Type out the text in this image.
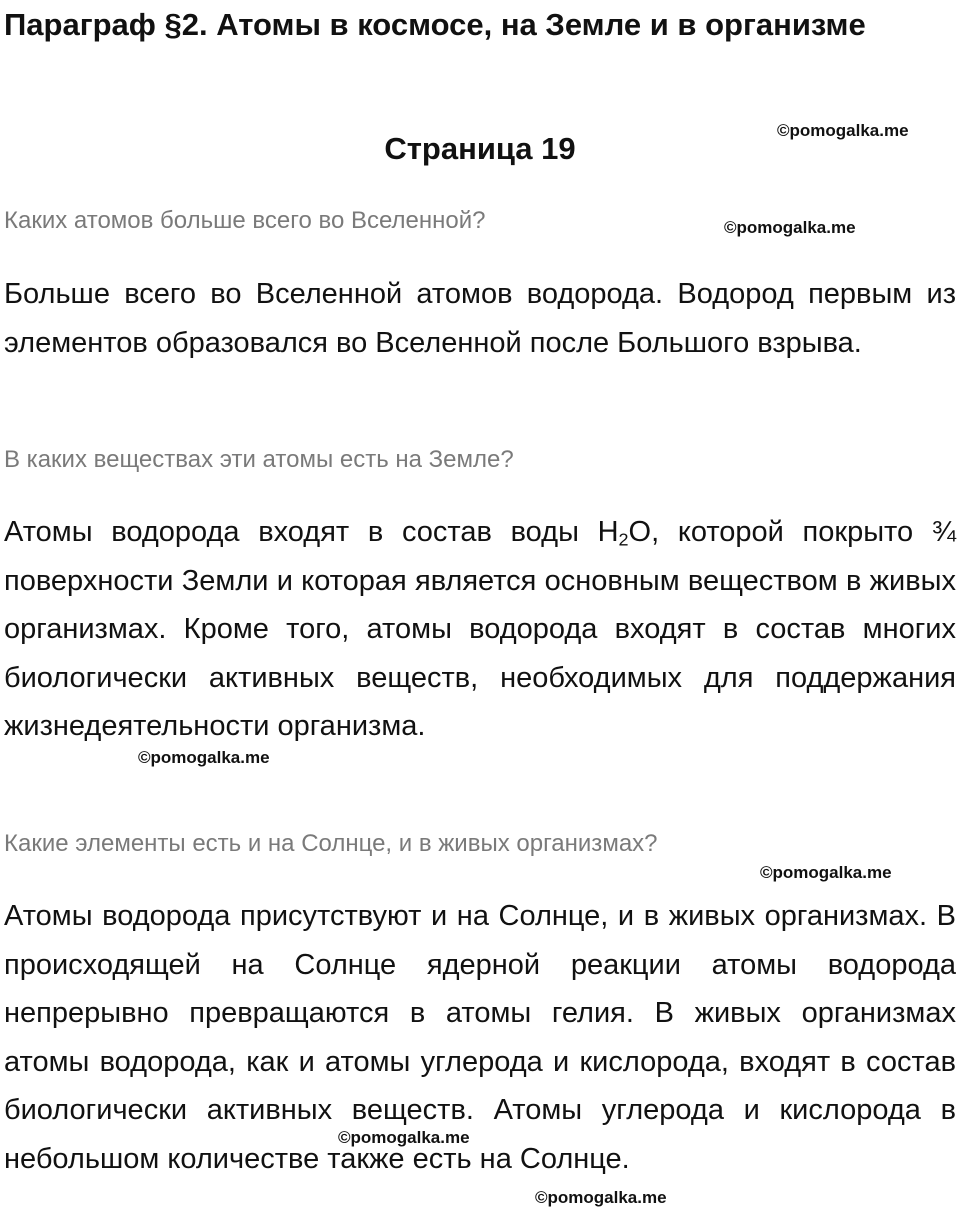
Параграф §2. Атомы в космосе, на Земле и в организме
Страница 19

Каких атомов больше всего во Вселенной?

Больше всего во Вселенной атомов водорода. Водород первым из элементов образовался во Вселенной после Большого взрыва.

В каких веществах эти атомы есть на Земле?

Атомы водорода входят в состав воды $H_2O$, которой покрыто ¾ поверхности Земли и которая является основным веществом в живых организмах. Кроме того, атомы водорода входят в состав многих биологически активных веществ, необходимых для поддержания жизнедеятельности организма.

Какие элементы есть и на Солнце, и в живых организмах?

Атомы водорода присутствуют и на Солнце, и в живых организмах. В происходящей на Солнце ядерной реакции атомы водорода непрерывно превращаются в атомы гелия. В живых организмах атомы водорода, как и атомы углерода и кислорода, входят в состав биологически активных веществ. Атомы углерода и кислорода в небольшом количестве также есть на Солнце.

©pomogalka.me
©pomogalka.me
©pomogalka.me
©pomogalka.me
©pomogalka.me
©pomogalka.me
